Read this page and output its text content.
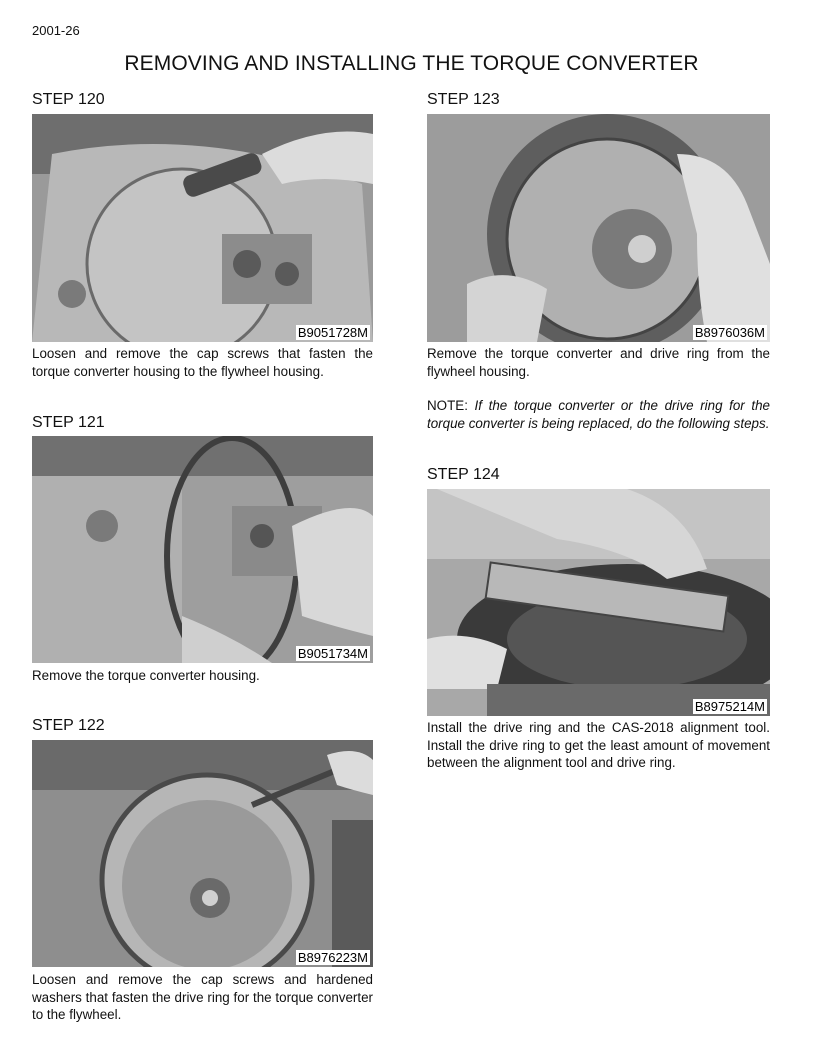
2001-26
REMOVING AND INSTALLING THE TORQUE CONVERTER
STEP 120
B9051728M
Loosen and remove the cap screws that fasten the torque converter housing to the flywheel housing.
STEP 121
B9051734M
Remove the torque converter housing.
STEP 122
B8976223M
Loosen and remove the cap screws and hardened washers that fasten the drive ring for the torque converter to the flywheel.
STEP 123
B8976036M
Remove the torque converter and drive ring from the flywheel housing.
NOTE: If the torque converter or the drive ring for the torque converter is being replaced, do the following steps.
STEP 124
B8975214M
Install the drive ring and the CAS-2018 alignment tool. Install the drive ring to get the least amount of movement between the alignment tool and drive ring.
